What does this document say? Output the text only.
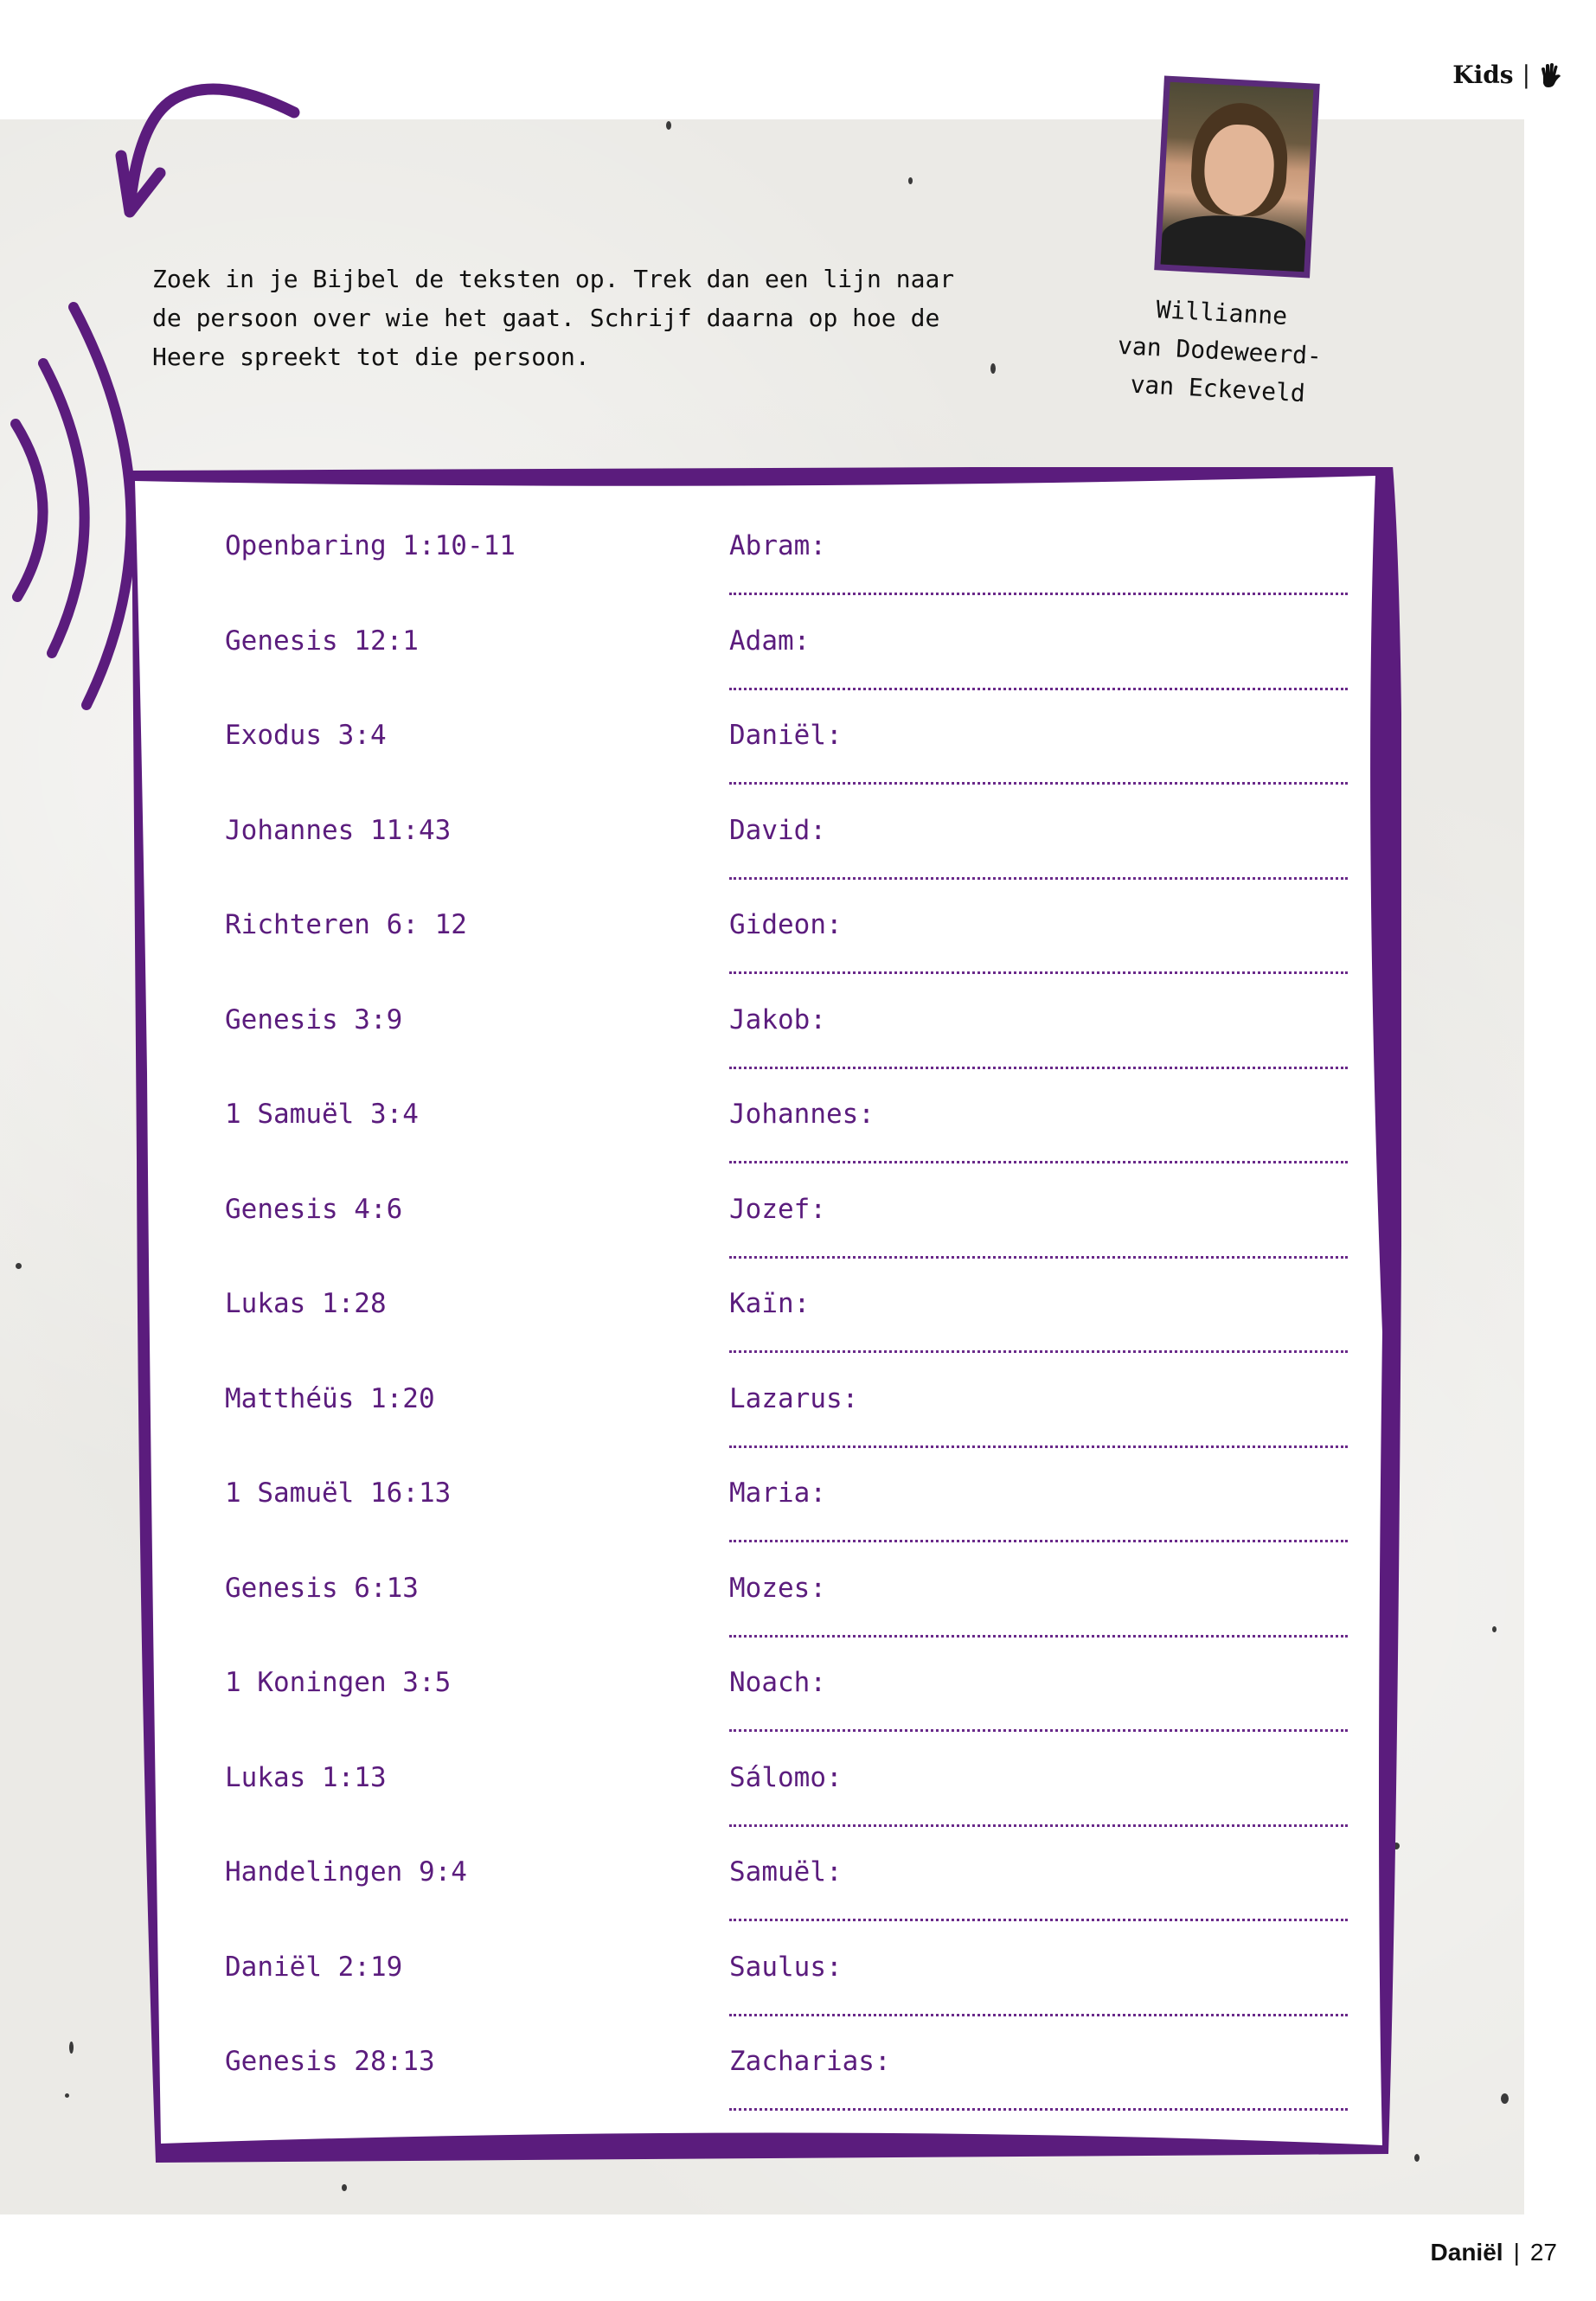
Kids |
Zoek in je Bijbel de teksten op. Trek dan een lijn naar de persoon over wie het gaat. Schrijf daarna op hoe de Heere spreekt tot die persoon.
Willianne
van Dodeweerd-
van Eckeveld
Openbaring 1:10-11	Abram:
Genesis 12:1	Adam:
Exodus 3:4	Daniël:
Johannes 11:43	David:
Richteren 6: 12	Gideon:
Genesis 3:9	Jakob:
1 Samuël 3:4	Johannes:
Genesis 4:6	Jozef:
Lukas 1:28	Kaïn:
Matthéüs 1:20	Lazarus:
1 Samuël 16:13	Maria:
Genesis 6:13	Mozes:
1 Koningen 3:5	Noach:
Lukas 1:13	Sálomo:
Handelingen 9:4	Samuël:
Daniël 2:19	Saulus:
Genesis 28:13	Zacharias:
Daniël | 27
